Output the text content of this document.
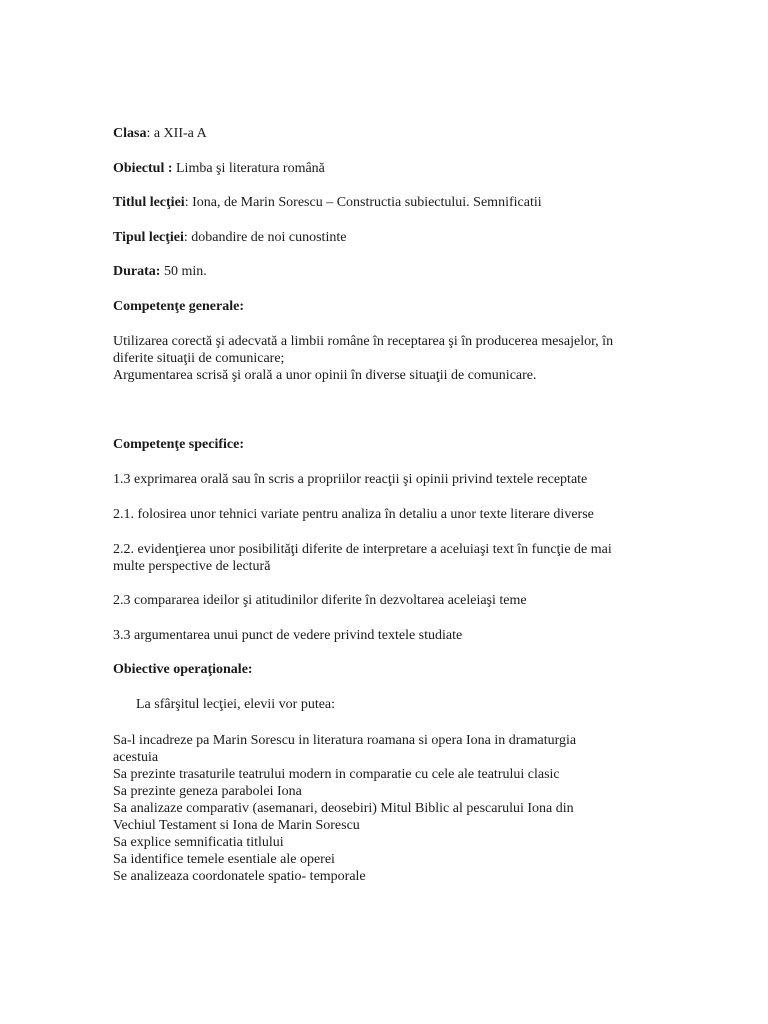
Clasa: a XII-a A
Obiectul : Limba şi literatura română
Titlul lecţiei: Iona, de Marin Sorescu – Constructia subiectului. Semnificatii
Tipul lecţiei: dobandire de noi cunostinte
Durata: 50 min.
Competenţe generale:
Utilizarea corectă şi adecvată a limbii române în receptarea şi în producerea mesajelor, în
diferite situaţii de comunicare;
Argumentarea scrisă şi orală a unor opinii în diverse situaţii de comunicare.
Competenţe specifice:
1.3 exprimarea orală sau în scris a propriilor reacţii şi opinii privind textele receptate
2.1. folosirea unor tehnici variate pentru analiza în detaliu a unor texte literare diverse
2.2. evidenţierea unor posibilităţi diferite de interpretare a aceluiaşi text în funcţie de mai
multe perspective de lectură
2.3 compararea ideilor şi atitudinilor diferite în dezvoltarea aceleiaşi teme
3.3 argumentarea unui punct de vedere privind textele studiate
Obiective operaţionale:
La sfârşitul lecţiei, elevii vor putea:
Sa-l incadreze pa Marin Sorescu in literatura roamana si opera Iona in dramaturgia
acestuia
Sa prezinte trasaturile teatrului modern in comparatie cu cele ale teatrului clasic
Sa prezinte geneza parabolei Iona
Sa analizaze comparativ (asemanari, deosebiri) Mitul Biblic al pescarului Iona din
Vechiul Testament si Iona de Marin Sorescu
Sa explice semnificatia titlului
Sa identifice temele esentiale ale operei
Se analizeaza coordonatele spatio- temporale
